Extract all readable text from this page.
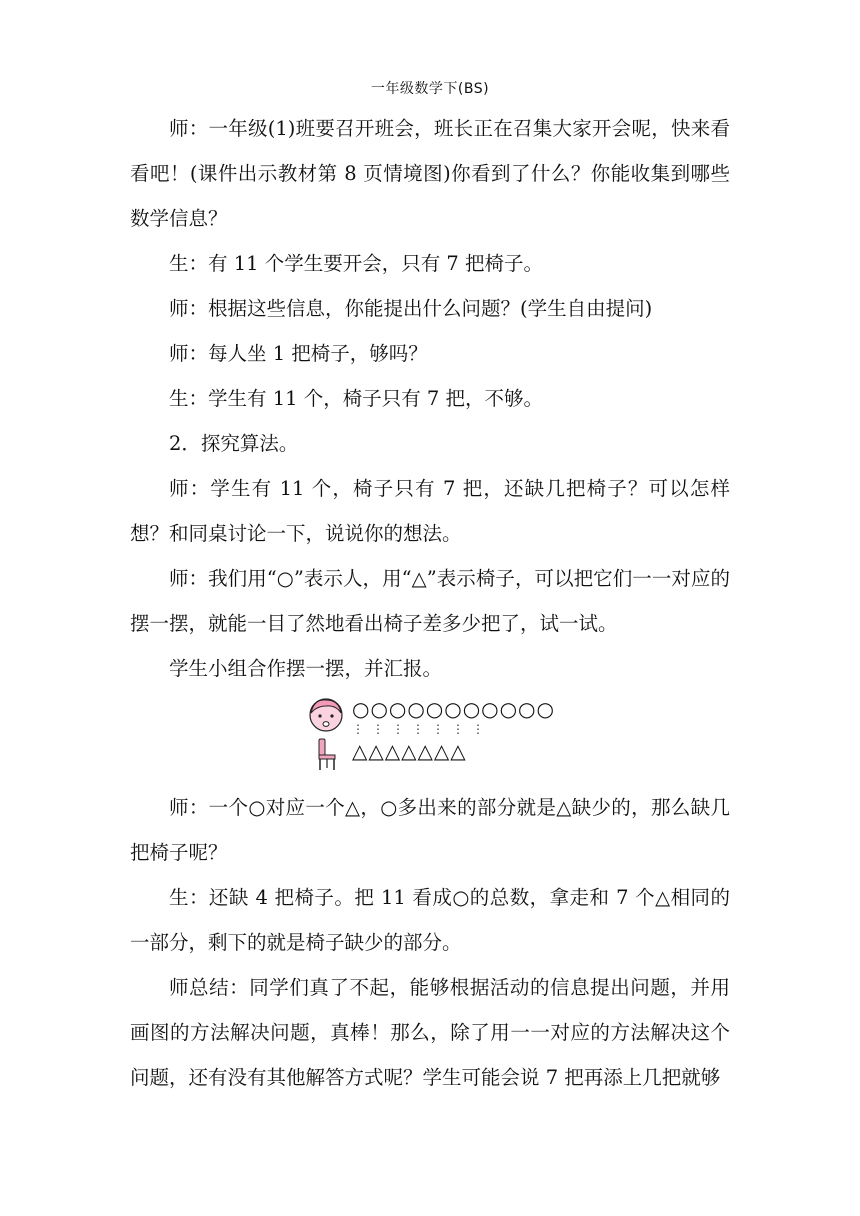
一年级数学下(BS)

师：一年级(1)班要召开班会，班长正在召集大家开会呢，快来看看吧！(课件出示教材第 8 页情境图)你看到了什么？你能收集到哪些数学信息？

生：有 11 个学生要开会，只有 7 把椅子。

师：根据这些信息，你能提出什么问题？(学生自由提问)

师：每人坐 1 把椅子，够吗？

生：学生有 11 个，椅子只有 7 把，不够。

2．探究算法。

师：学生有 11 个，椅子只有 7 把，还缺几把椅子？可以怎样想？和同桌讨论一下，说说你的想法。

师：我们用“○”表示人，用“△”表示椅子，可以把它们一一对应的摆一摆，就能一目了然地看出椅子差多少把了，试一试。

学生小组合作摆一摆，并汇报。

○○○○○○○○○○○
⋮⋮⋮⋮⋮⋮⋮
△△△△△△△

师：一个○对应一个△，○多出来的部分就是△缺少的，那么缺几把椅子呢？

生：还缺 4 把椅子。把 11 看成○的总数，拿走和 7 个△相同的一部分，剩下的就是椅子缺少的部分。

师总结：同学们真了不起，能够根据活动的信息提出问题，并用画图的方法解决问题，真棒！那么，除了用一一对应的方法解决这个问题，还有没有其他解答方式呢？学生可能会说 7 把再添上几把就够
